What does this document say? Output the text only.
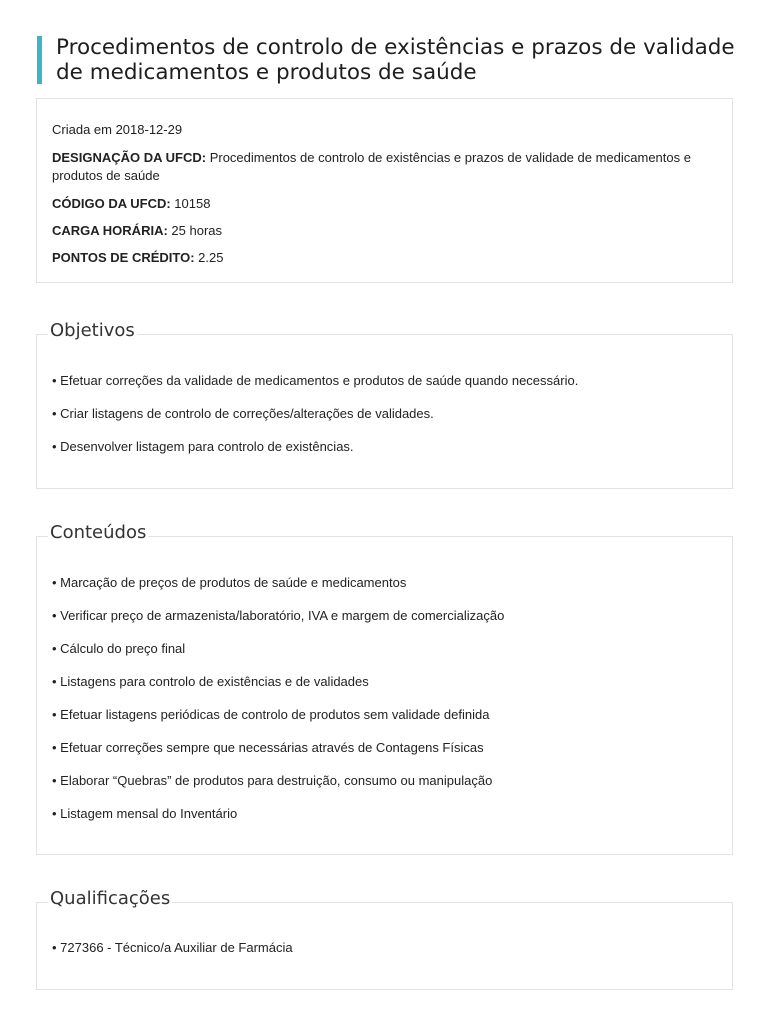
Procedimentos de controlo de existências e prazos de validade de medicamentos e produtos de saúde
Criada em 2018-12-29
DESIGNAÇÃO DA UFCD: Procedimentos de controlo de existências e prazos de validade de medicamentos e produtos de saúde
CÓDIGO DA UFCD: 10158
CARGA HORÁRIA: 25 horas
PONTOS DE CRÉDITO: 2.25
• Efetuar correções da validade de medicamentos e produtos de saúde quando necessário.
• Criar listagens de controlo de correções/alterações de validades.
• Desenvolver listagem para controlo de existências.
Objetivos
• Marcação de preços de produtos de saúde e medicamentos
• Verificar preço de armazenista/laboratório, IVA e margem de comercialização
• Cálculo do preço final
• Listagens para controlo de existências e de validades
• Efetuar listagens periódicas de controlo de produtos sem validade definida
• Efetuar correções sempre que necessárias através de Contagens Físicas
• Elaborar “Quebras” de produtos para destruição, consumo ou manipulação
• Listagem mensal do Inventário
Conteúdos
• 727366 - Técnico/a Auxiliar de Farmácia
Qualificações
